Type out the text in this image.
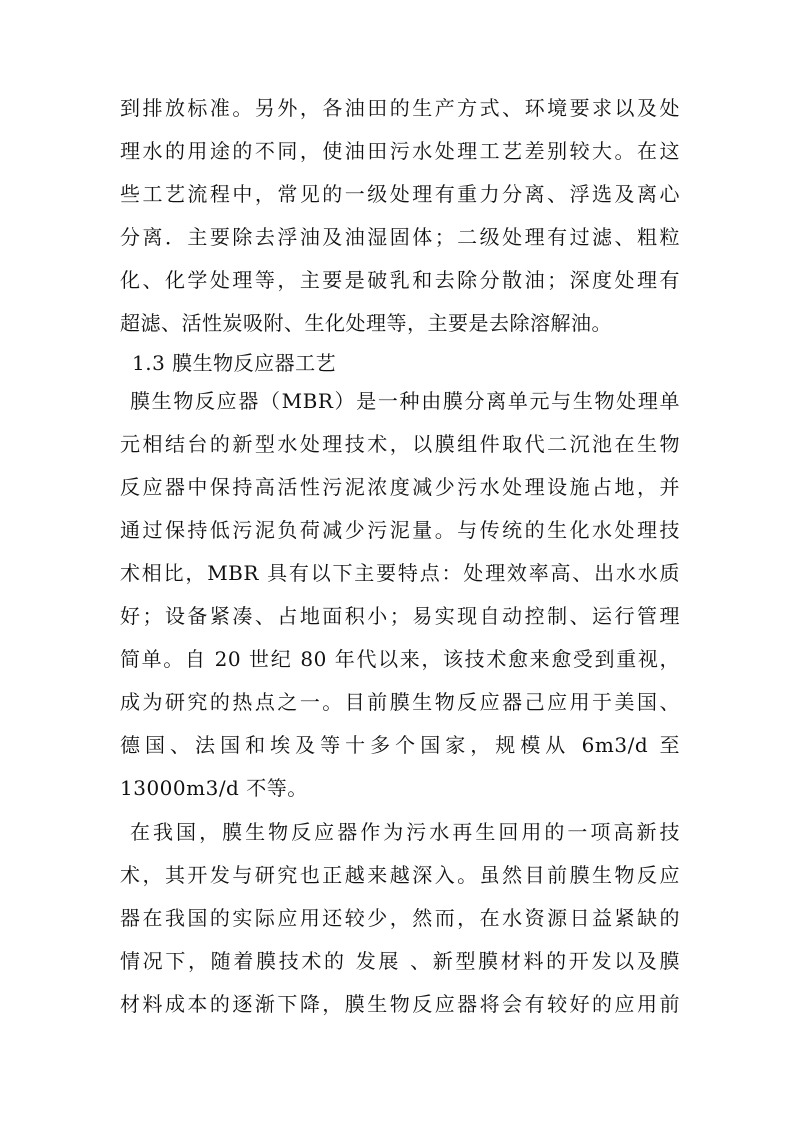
到排放标准。另外，各油田的生产方式、环境要求以及处
理水的用途的不同，使油田污水处理工艺差别较大。在这
些工艺流程中，常见的一级处理有重力分离、浮选及离心
分离．主要除去浮油及油湿固体；二级处理有过滤、粗粒
化、化学处理等，主要是破乳和去除分散油；深度处理有
超滤、活性炭吸附、生化处理等，主要是去除溶解油。
1.3 膜生物反应器工艺
膜生物反应器（MBR）是一种由膜分离单元与生物处理单
元相结台的新型水处理技术，以膜组件取代二沉池在生物
反应器中保持高活性污泥浓度减少污水处理设施占地，并
通过保持低污泥负荷减少污泥量。与传统的生化水处理技
术相比，MBR 具有以下主要特点：处理效率高、出水水质
好；设备紧凑、占地面积小；易实现自动控制、运行管理
简单。自 20 世纪 80 年代以来，该技术愈来愈受到重视，
成为研究的热点之一。目前膜生物反应器己应用于美国、
德国、法国和埃及等十多个国家，规模从 6m3/d 至
13000m3/d 不等。
在我国，膜生物反应器作为污水再生回用的一项高新技
术，其开发与研究也正越来越深入。虽然目前膜生物反应
器在我国的实际应用还较少，然而，在水资源日益紧缺的
情况下，随着膜技术的 发展 、新型膜材料的开发以及膜
材料成本的逐渐下降，膜生物反应器将会有较好的应用前
